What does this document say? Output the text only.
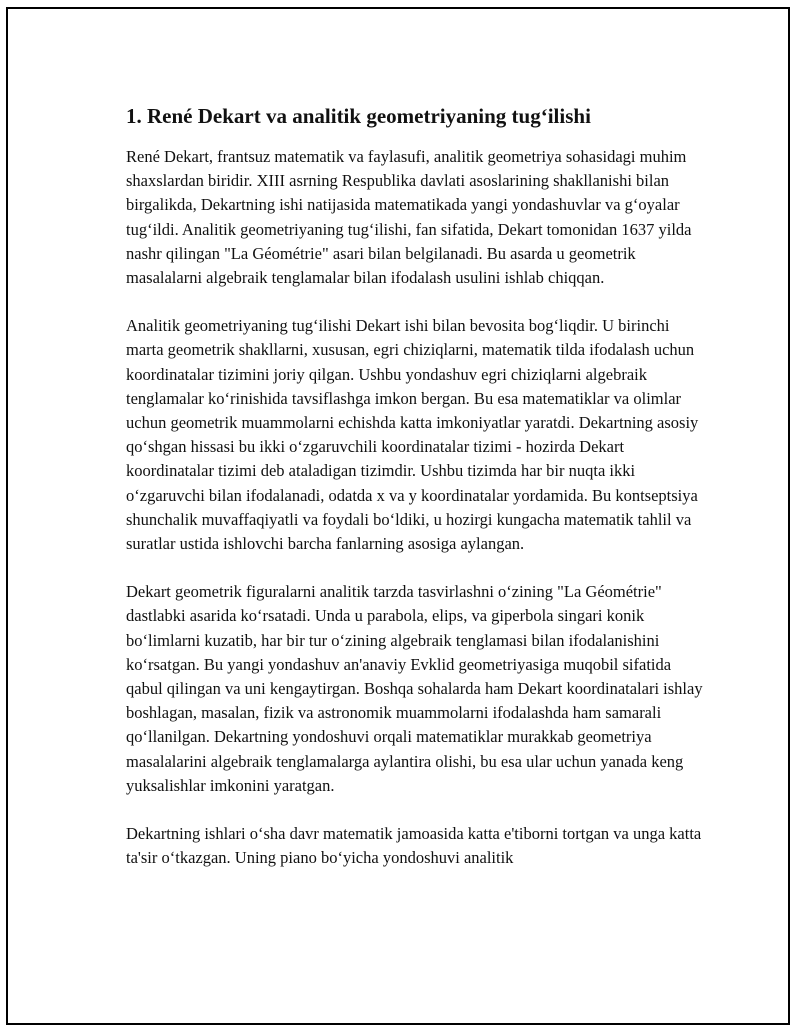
1. René Dekart va analitik geometriyaning tug‘ilishi

René Dekart, frantsuz matematik va faylasufi, analitik geometriya sohasidagi muhim shaxslardan biridir. XIII asrning Respublika davlati asoslarining shakllanishi bilan birgalikda, Dekartning ishi natijasida matematikada yangi yondashuvlar va g‘oyalar tug‘ildi. Analitik geometriyaning tug‘ilishi, fan sifatida, Dekart tomonidan 1637 yilda nashr qilingan "La Géométrie" asari bilan belgilanadi. Bu asarda u geometrik masalalarni algebraik tenglamalar bilan ifodalash usulini ishlab chiqqan.

Analitik geometriyaning tug‘ilishi Dekart ishi bilan bevosita bog‘liqdir. U birinchi marta geometrik shakllarni, xususan, egri chiziqlarni, matematik tilda ifodalash uchun koordinatalar tizimini joriy qilgan. Ushbu yondashuv egri chiziqlarni algebraik tenglamalar ko‘rinishida tavsiflashga imkon bergan. Bu esa matematiklar va olimlar uchun geometrik muammolarni echishda katta imkoniyatlar yaratdi. Dekartning asosiy qo‘shgan hissasi bu ikki o‘zgaruvchili koordinatalar tizimi - hozirda Dekart koordinatalar tizimi deb ataladigan tizimdir. Ushbu tizimda har bir nuqta ikki o‘zgaruvchi bilan ifodalanadi, odatda x va y koordinatalar yordamida. Bu kontseptsiya shunchalik muvaffaqiyatli va foydali bo‘ldiki, u hozirgi kungacha matematik tahlil va suratlar ustida ishlovchi barcha fanlarning asosiga aylangan.

Dekart geometrik figuralarni analitik tarzda tasvirlashni o‘zining "La Géométrie" dastlabki asarida ko‘rsatadi. Unda u parabola, elips, va giperbola singari konik bo‘limlarni kuzatib, har bir tur o‘zining algebraik tenglamasi bilan ifodalanishini ko‘rsatgan. Bu yangi yondashuv an'anaviy Evklid geometriyasiga muqobil sifatida qabul qilingan va uni kengaytirgan. Boshqa sohalarda ham Dekart koordinatalari ishlay boshlagan, masalan, fizik va astronomik muammolarni ifodalashda ham samarali qo‘llanilgan. Dekartning yondoshuvi orqali matematiklar murakkab geometriya masalalarini algebraik tenglamalarga aylantira olishi, bu esa ular uchun yanada keng yuksalishlar imkonini yaratgan.

Dekartning ishlari o‘sha davr matematik jamoasida katta e'tiborni tortgan va unga katta ta'sir o‘tkazgan. Uning piano bo‘yicha yondoshuvi analitik
